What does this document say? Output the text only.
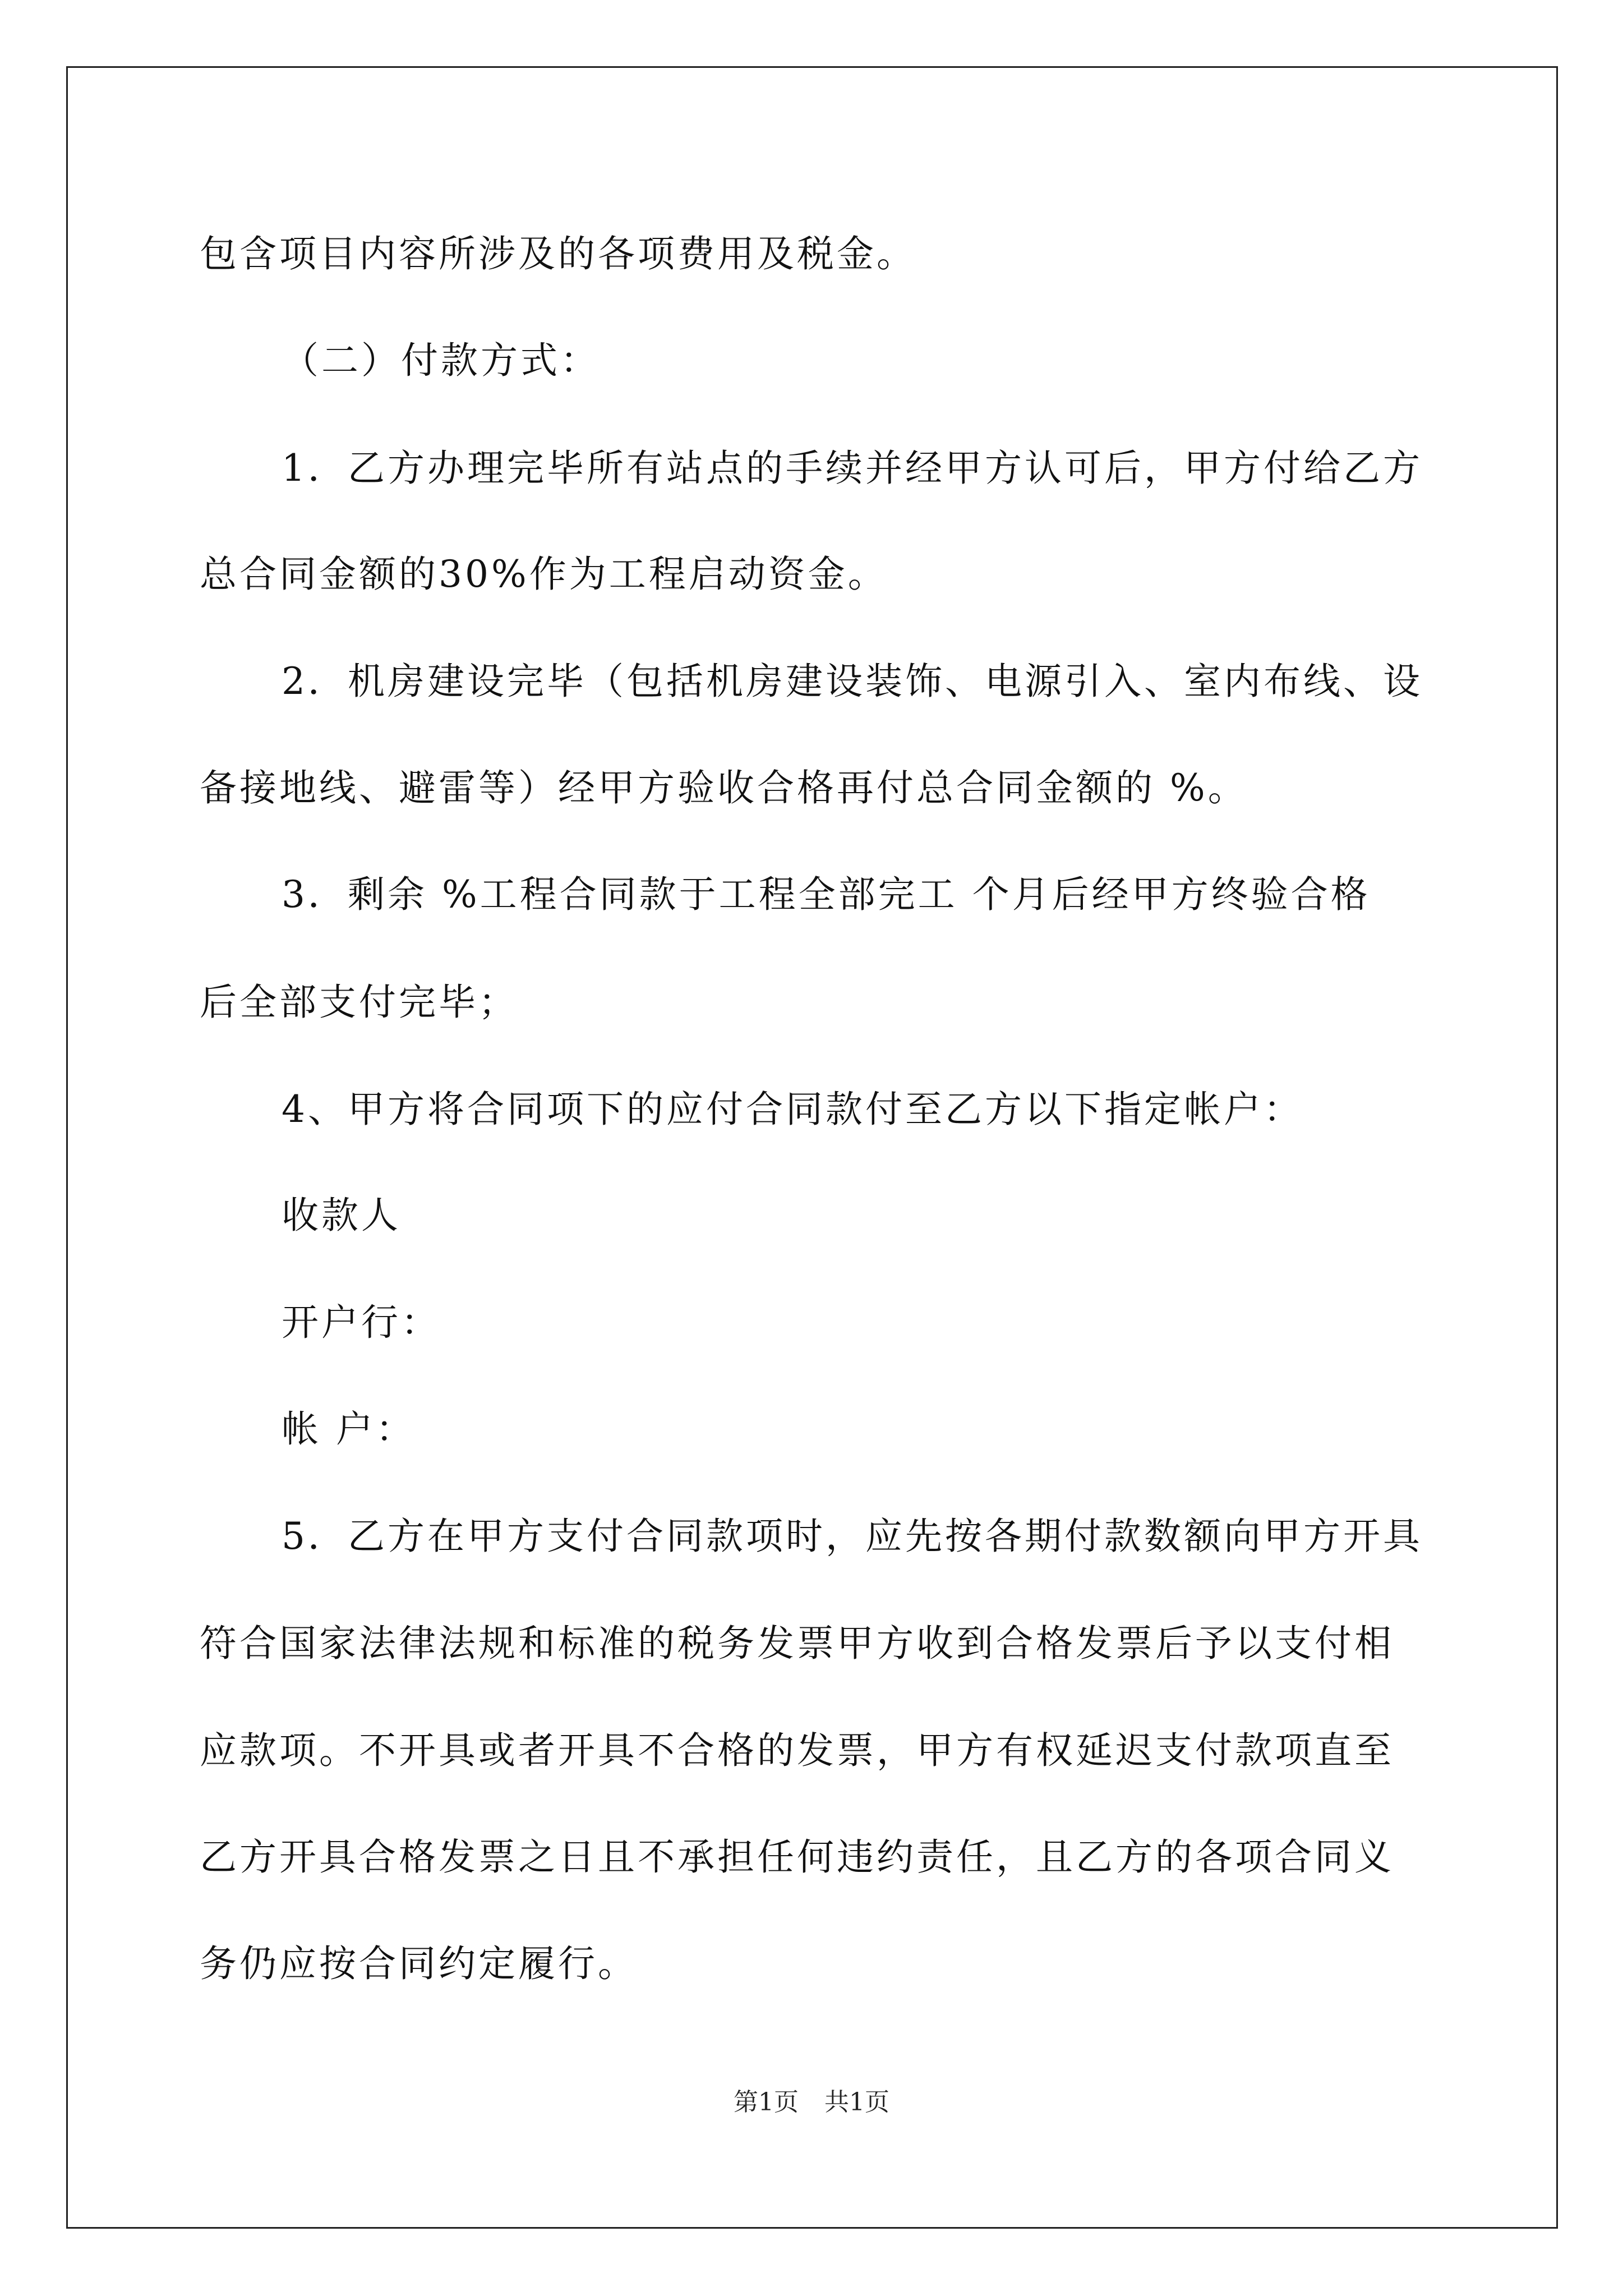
包含项目内容所涉及的各项费用及税金。
（二）付款方式：
1．乙方办理完毕所有站点的手续并经甲方认可后，甲方付给乙方
总合同金额的30%作为工程启动资金。
2．机房建设完毕（包括机房建设装饰、电源引入、室内布线、设
备接地线、避雷等）经甲方验收合格再付总合同金额的 %。
3．剩余 %工程合同款于工程全部完工 个月后经甲方终验合格
后全部支付完毕；
4、甲方将合同项下的应付合同款付至乙方以下指定帐户：
收款人
开户行：
帐 户：
5．乙方在甲方支付合同款项时，应先按各期付款数额向甲方开具
符合国家法律法规和标准的税务发票甲方收到合格发票后予以支付相
应款项。不开具或者开具不合格的发票，甲方有权延迟支付款项直至
乙方开具合格发票之日且不承担任何违约责任，且乙方的各项合同义
务仍应按合同约定履行。
第1页 共1页
